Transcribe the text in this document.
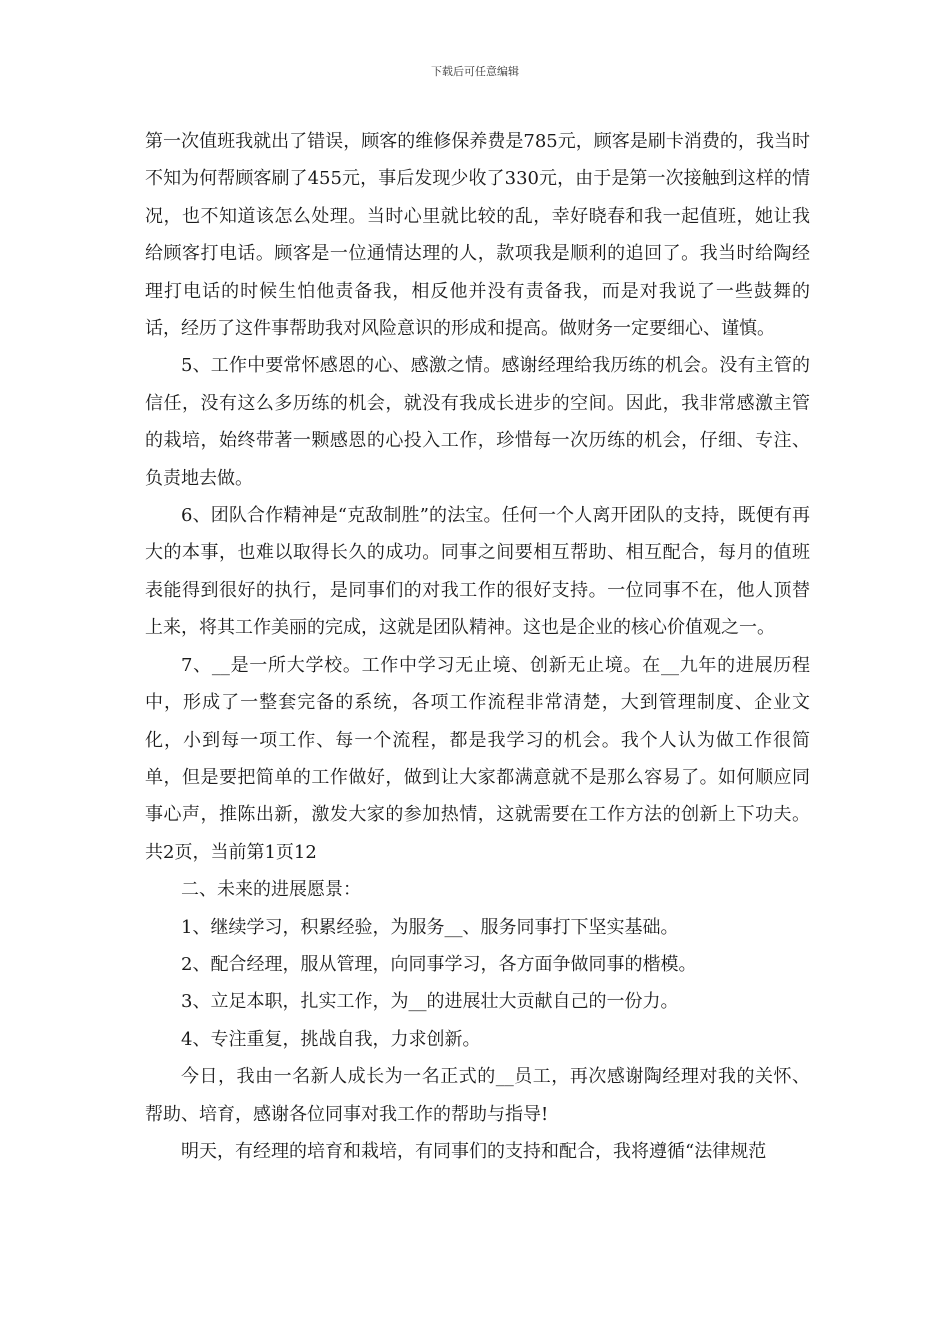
下载后可任意编辑

第一次值班我就出了错误，顾客的维修保养费是785元，顾客是刷卡消费的，我当时不知为何帮顾客刷了455元，事后发现少收了330元，由于是第一次接触到这样的情况，也不知道该怎么处理。当时心里就比较的乱，幸好晓春和我一起值班，她让我给顾客打电话。顾客是一位通情达理的人，款项我是顺利的追回了。我当时给陶经理打电话的时候生怕他责备我，相反他并没有责备我，而是对我说了一些鼓舞的话，经历了这件事帮助我对风险意识的形成和提高。做财务一定要细心、谨慎。

5、工作中要常怀感恩的心、感激之情。感谢经理给我历练的机会。没有主管的信任，没有这么多历练的机会，就没有我成长进步的空间。因此，我非常感激主管的栽培，始终带著一颗感恩的心投入工作，珍惜每一次历练的机会，仔细、专注、负责地去做。

6、团队合作精神是“克敌制胜”的法宝。任何一个人离开团队的支持，既便有再大的本事，也难以取得长久的成功。同事之间要相互帮助、相互配合，每月的值班表能得到很好的执行，是同事们的对我工作的很好支持。一位同事不在，他人顶替上来，将其工作美丽的完成，这就是团队精神。这也是企业的核心价值观之一。

7、__是一所大学校。工作中学习无止境、创新无止境。在__九年的进展历程中，形成了一整套完备的系统，各项工作流程非常清楚，大到管理制度、企业文化，小到每一项工作、每一个流程，都是我学习的机会。我个人认为做工作很简单，但是要把简单的工作做好，做到让大家都满意就不是那么容易了。如何顺应同事心声，推陈出新，激发大家的参加热情，这就需要在工作方法的创新上下功夫。共2页，当前第1页12

二、未来的进展愿景：

1、继续学习，积累经验，为服务__、服务同事打下坚实基础。

2、配合经理，服从管理，向同事学习，各方面争做同事的楷模。

3、立足本职，扎实工作，为__的进展壮大贡献自己的一份力。

4、专注重复，挑战自我，力求创新。

今日，我由一名新人成长为一名正式的__员工，再次感谢陶经理对我的关怀、帮助、培育，感谢各位同事对我工作的帮助与指导!

明天，有经理的培育和栽培，有同事们的支持和配合，我将遵循“法律规范
